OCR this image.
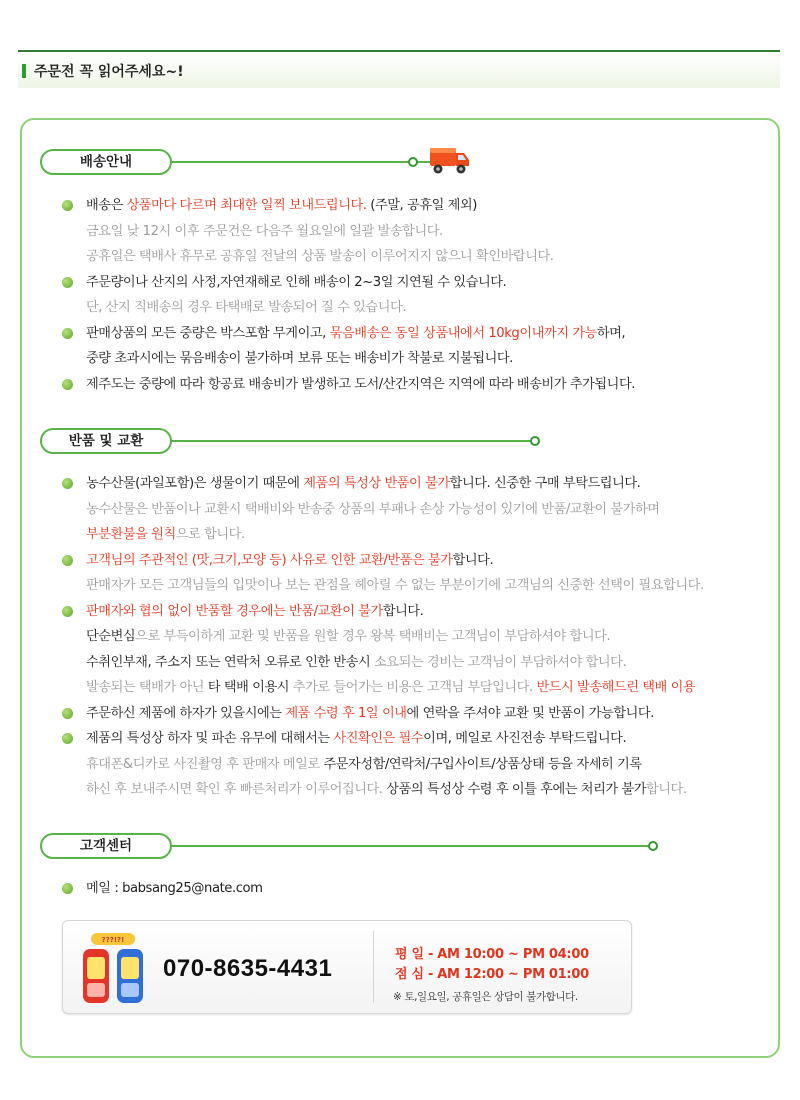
주문전 꼭 읽어주세요~!
배송안내
배송은 상품마다 다르며 최대한 일찍 보내드립니다. (주말, 공휴일 제외)
금요일 낮 12시 이후 주문건은 다음주 월요일에 일괄 발송합니다.
공휴일은 택배사 휴무로 공휴일 전날의 상품 발송이 이루어지지 않으니 확인바랍니다.
주문량이나 산지의 사정,자연재해로 인해 배송이 2~3일 지연될 수 있습니다.
단, 산지 직배송의 경우 타택배로 발송되어 질 수 있습니다.
판매상품의 모든 중량은 박스포함 무게이고, 묶음배송은 동일 상품내에서 10kg이내까지 가능하며,
중량 초과시에는 묶음배송이 불가하며 보류 또는 배송비가 착불로 지불됩니다.
제주도는 중량에 따라 항공료 배송비가 발생하고 도서/산간지역은 지역에 따라 배송비가 추가됩니다.
반품 및 교환
농수산물(과일포함)은 생물이기 때문에 제품의 특성상 반품이 불가합니다. 신중한 구매 부탁드립니다.
농수산물은 반품이나 교환시 택배비와 반송중 상품의 부패나 손상 가능성이 있기에 반품/교환이 불가하며
부분환불을 원칙으로 합니다.
고객님의 주관적인 (맛,크기,모양 등) 사유로 인한 교환/반품은 불가합니다.
판매자가 모든 고객님들의 입맛이나 보는 관점을 헤아릴 수 없는 부분이기에 고객님의 신중한 선택이 필요합니다.
판매자와 협의 없이 반품할 경우에는 반품/교환이 불가합니다.
단순변심으로 부득이하게 교환 및 반품을 원할 경우 왕복 택배비는 고객님이 부담하셔야 합니다.
수취인부재, 주소지 또는 연락처 오류로 인한 반송시 소요되는 경비는 고객님이 부담하셔야 합니다.
발송되는 택배가 아닌 타 택배 이용시 추가로 들어가는 비용은 고객님 부담입니다. 반드시 발송해드린 택배 이용
주문하신 제품에 하자가 있을시에는 제품 수령 후 1일 이내에 연락을 주셔야 교환 및 반품이 가능합니다.
제품의 특성상 하자 및 파손 유무에 대해서는 사진확인은 필수이며, 메일로 사진전송 부탁드립니다.
휴대폰&디카로 사진촬영 후 판매자 메일로 주문자성함/연락처/구입사이트/상품상태 등을 자세히 기록
하신 후 보내주시면 확인 후 빠른처리가 이루어집니다. 상품의 특성상 수령 후 이틀 후에는 처리가 불가합니다.
고객센터
메일 : babsang25@nate.com
???!?!
070-8635-4431
평 일 - AM 10:00 ~ PM 04:00
점 심 - AM 12:00 ~ PM 01:00
※ 토,일요일, 공휴일은 상담이 불가합니다.
